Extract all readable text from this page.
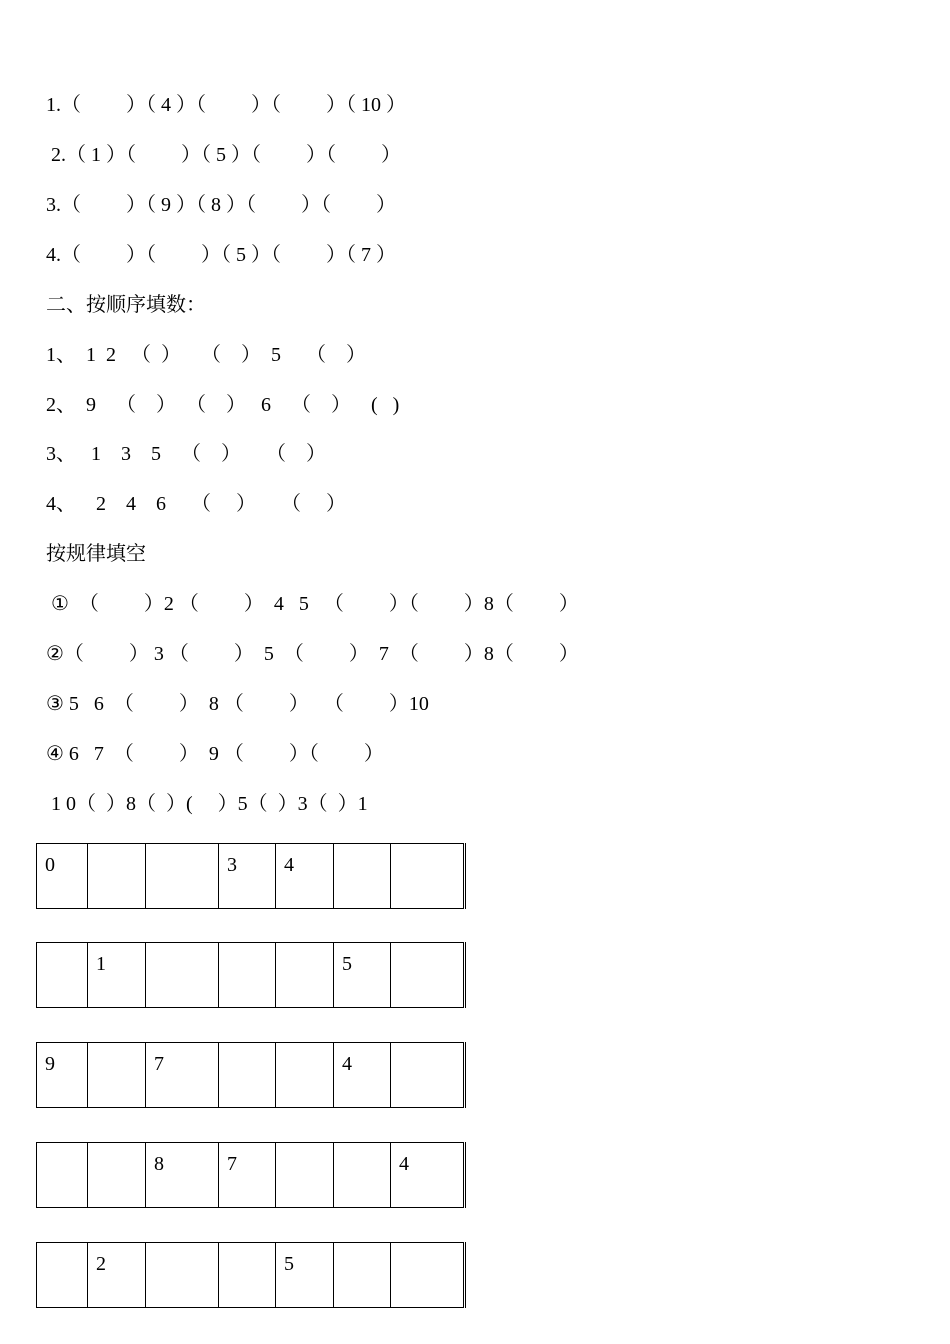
1.（　　 ）（ 4 ）（　　 ）（　　 ）（ 10 ）
2.（ 1 ）（　　 ）（ 5 ）（　　 ）（　　 ）
3.（　　 ）（ 9 ）（ 8 ）（　　 ）（　　 ）
4.（　　 ）（　　 ）（ 5 ）（　　 ）（ 7 ）
二、按顺序填数：
1、  1  2   （  ）    （    ）  5     （    ）
2、  9    （    ）  （    ）   6    （    ）    (   )
3、   1    3    5    （    ）     （    ）
4、    2    4    6     （     ）     （     ）
按规律填空
①  （　　 ）2 （　　 ）  4   5   （　　 ）（　　 ）8（　　 ）
②（　　 ） 3 （　　 ）  5  （　　 ）  7  （　　 ）8（　　 ）
③ 5   6  （　　 ）  8 （　　 ）   （　　 ）10
④ 6   7  （　　 ）  9 （　　 ）（　　 ）
1 0（  ）8（  ）(　 ）5（  ）3（  ）1
0			3	4		
	1				5	
9		7			4	
		8	7			4
	2			5		
